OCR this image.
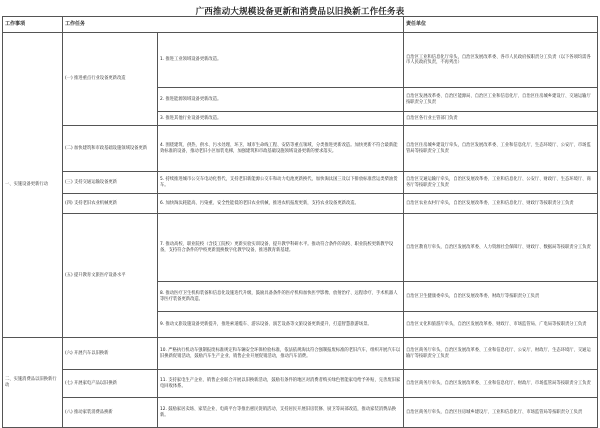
广西推动大规模设备更新和消费品以旧换新工作任务表
工作事项	工作任务		责任单位
一、实施设备更新行动	(一) 推进重点行业设备更新改造	1. 推进工业领域设备更新改造。	自治区工业和信息化厅牵头，自治区发展改革委、各市人民政府按职责分工负责（以下各项均需各市人民政府负责，不再列出）
		2. 推进能源领域设备更新改造。	自治区发展改革委、自治区能源局、自治区工业和信息化厅、自治区住房城乡建设厅、交通运输厅按职责分工负责
		3. 推进其他行业设备更新改造。	自治区各行业主管部门负责
	(二) 加快建筑和市政基础设施领域设备更新	4. 围绕建筑、供热、供水、污水处理、环卫、城市生命线工程、安防等重点领域，分类推进更新改造。加快更新不符合最新能效标准的设备，推动老旧小区加装电梯，加强建筑和市政基础设施领域设备更新的要求落实。	自治区住房城乡建设厅牵头，自治区发展改革委、工业和信息化厅、生态环境厅、公安厅、市场监管局等按职责分工负责
	(三) 支持交通运输设备更新	5. 持续推进城市公交车电动化替代，支持老旧新能源公交车和动力电池更新换代，加快淘汰国三及以下排放标准营运类柴油货车。	自治区交通运输厅牵头，自治区发展改革委、工业和信息化厅、公安厅、财政厅、生态环境厅、商务厅等按职责分工负责
	(四) 支持老旧农业机械更新	6. 加快淘汰耗能高、污染重、安全性能低的老旧农业机械，推进农机报废更新，支持农业设备更新改造。	自治区农业农村厅牵头，自治区发展改革委、工业和信息化厅、财政厅等按职责分工负责
	(五) 提升教育文旅医疗设备水平	7. 推动高校、职业院校（含技工院校）更新实验实训设备，提升教学科研水平。推动符合条件的高校、职业院校更新教学设备，支持符合条件的学校更新置换数字化教学设备，推进教育新基建。	自治区教育厅牵头，自治区发展改革委、人力资源社会保障厅、财政厅、数据局等按职责分工负责
		8. 推动医疗卫生机构装备和信息化设施迭代升级，鼓励具备条件的医疗机构加快医学影像、放射治疗、远程诊疗、手术机器人等医疗装备更新改造。	自治区卫生健康委牵头，自治区发展改革委、财政厅等按职责分工负责
		9. 推动文旅设施设备更新提升，推进索道缆车、游乐设备、演艺设备等文旅设备更新提升，打造智慧旅游场景。	自治区文化和旅游厅牵头，自治区发展改革委、财政厅、市场监管局、广电局等按职责分工负责
二、实施消费品以旧换新行动	(六) 开展汽车以旧换新	10. 严格执行机动车强制报废标准规定和车辆安全环保检验标准，依法依规淘汰符合强制报废标准的老旧汽车，组织开展汽车以旧换新促销活动，鼓励汽车生产企业、销售企业开展促销活动，推动汽车消费。	自治区商务厅牵头，自治区发展改革委、工业和信息化厅、公安厅、财政厅、生态环境厅、交通运输厅等按职责分工负责
	(七) 开展家电产品以旧换新	11. 支持家电生产企业、销售企业联合开展以旧换新活动，鼓励有条件的地区对消费者购买绿色智能家电给予补贴，完善废旧家电回收体系。	自治区商务厅牵头，自治区发展改革委、工业和信息化厅、财政厅、市场监管局等按职责分工负责
	(八) 推动家装消费品换新	12. 鼓励家居卖场、家装企业、电商平台等推出惠民促销活动，支持居民开展旧房装修、厨卫等局部改造，推动家装消费品换新。	自治区商务厅牵头，自治区住房城乡建设厅、工业和信息化厅、市场监管局等按职责分工负责
